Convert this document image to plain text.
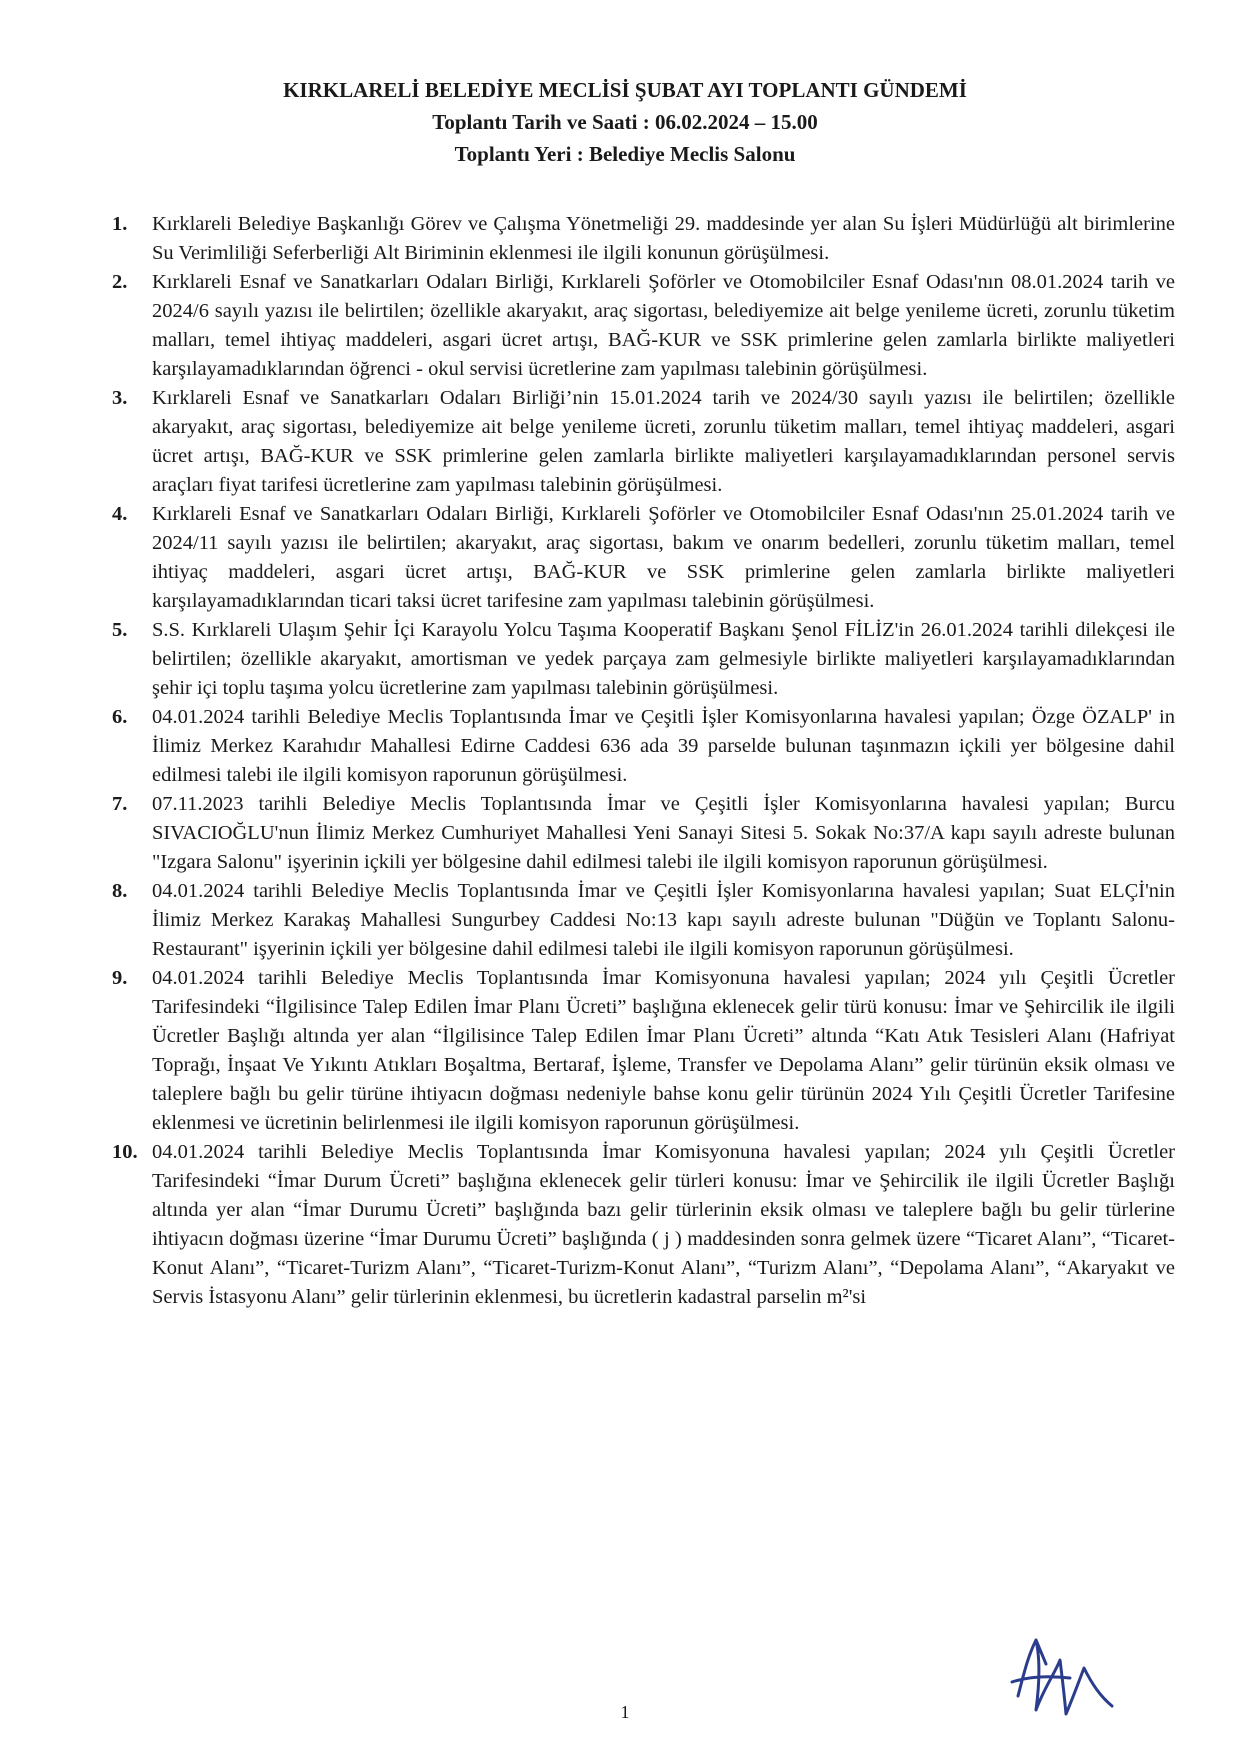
KIRKLARELİ BELEDİYE MECLİSİ ŞUBAT AYI TOPLANTI GÜNDEMİ
Toplantı Tarih ve Saati : 06.02.2024 – 15.00
Toplantı Yeri : Belediye Meclis Salonu
1. Kırklareli Belediye Başkanlığı Görev ve Çalışma Yönetmeliği 29. maddesinde yer alan Su İşleri Müdürlüğü alt birimlerine Su Verimliliği Seferberliği Alt Biriminin eklenmesi ile ilgili konunun görüşülmesi.
2. Kırklareli Esnaf ve Sanatkarları Odaları Birliği, Kırklareli Şoförler ve Otomobilciler Esnaf Odası'nın 08.01.2024 tarih ve 2024/6 sayılı yazısı ile belirtilen; özellikle akaryakıt, araç sigortası, belediyemize ait belge yenileme ücreti, zorunlu tüketim malları, temel ihtiyaç maddeleri, asgari ücret artışı, BAĞ-KUR ve SSK primlerine gelen zamlarla birlikte maliyetleri karşılayamadıklarından öğrenci - okul servisi ücretlerine zam yapılması talebinin görüşülmesi.
3. Kırklareli Esnaf ve Sanatkarları Odaları Birliği’nin 15.01.2024 tarih ve 2024/30 sayılı yazısı ile belirtilen; özellikle akaryakıt, araç sigortası, belediyemize ait belge yenileme ücreti, zorunlu tüketim malları, temel ihtiyaç maddeleri, asgari ücret artışı, BAĞ-KUR ve SSK primlerine gelen zamlarla birlikte maliyetleri karşılayamadıklarından personel servis araçları fiyat tarifesi ücretlerine zam yapılması talebinin görüşülmesi.
4. Kırklareli Esnaf ve Sanatkarları Odaları Birliği, Kırklareli Şoförler ve Otomobilciler Esnaf Odası'nın 25.01.2024 tarih ve 2024/11 sayılı yazısı ile belirtilen; akaryakıt, araç sigortası, bakım ve onarım bedelleri, zorunlu tüketim malları, temel ihtiyaç maddeleri, asgari ücret artışı, BAĞ-KUR ve SSK primlerine gelen zamlarla birlikte maliyetleri karşılayamadıklarından ticari taksi ücret tarifesine zam yapılması talebinin görüşülmesi.
5. S.S. Kırklareli Ulaşım Şehir İçi Karayolu Yolcu Taşıma Kooperatif Başkanı Şenol FİLİZ'in 26.01.2024 tarihli dilekçesi ile belirtilen; özellikle akaryakıt, amortisman ve yedek parçaya zam gelmesiyle birlikte maliyetleri karşılayamadıklarından şehir içi toplu taşıma yolcu ücretlerine zam yapılması talebinin görüşülmesi.
6. 04.01.2024 tarihli Belediye Meclis Toplantısında İmar ve Çeşitli İşler Komisyonlarına havalesi yapılan; Özge ÖZALP' in İlimiz Merkez Karahıdır Mahallesi Edirne Caddesi 636 ada 39 parselde bulunan taşınmazın içkili yer bölgesine dahil edilmesi talebi ile ilgili komisyon raporunun görüşülmesi.
7. 07.11.2023 tarihli Belediye Meclis Toplantısında İmar ve Çeşitli İşler Komisyonlarına havalesi yapılan; Burcu SIVACIOĞLU'nun İlimiz Merkez Cumhuriyet Mahallesi Yeni Sanayi Sitesi 5. Sokak No:37/A kapı sayılı adreste bulunan "Izgara Salonu" işyerinin içkili yer bölgesine dahil edilmesi talebi ile ilgili komisyon raporunun görüşülmesi.
8. 04.01.2024 tarihli Belediye Meclis Toplantısında İmar ve Çeşitli İşler Komisyonlarına havalesi yapılan; Suat ELÇİ'nin İlimiz Merkez Karakaş Mahallesi Sungurbey Caddesi No:13 kapı sayılı adreste bulunan "Düğün ve Toplantı Salonu-Restaurant" işyerinin içkili yer bölgesine dahil edilmesi talebi ile ilgili komisyon raporunun görüşülmesi.
9. 04.01.2024 tarihli Belediye Meclis Toplantısında İmar Komisyonuna havalesi yapılan; 2024 yılı Çeşitli Ücretler Tarifesindeki “İlgilisince Talep Edilen İmar Planı Ücreti” başlığına eklenecek gelir türü konusu: İmar ve Şehircilik ile ilgili Ücretler Başlığı altında yer alan “İlgilisince Talep Edilen İmar Planı Ücreti” altında “Katı Atık Tesisleri Alanı (Hafriyat Toprağı, İnşaat Ve Yıkıntı Atıkları Boşaltma, Bertaraf, İşleme, Transfer ve Depolama Alanı” gelir türünün eksik olması ve taleplere bağlı bu gelir türüne ihtiyacın doğması nedeniyle bahse konu gelir türünün 2024 Yılı Çeşitli Ücretler Tarifesine eklenmesi ve ücretinin belirlenmesi ile ilgili komisyon raporunun görüşülmesi.
10. 04.01.2024 tarihli Belediye Meclis Toplantısında İmar Komisyonuna havalesi yapılan; 2024 yılı Çeşitli Ücretler Tarifesindeki “İmar Durum Ücreti” başlığına eklenecek gelir türleri konusu: İmar ve Şehircilik ile ilgili Ücretler Başlığı altında yer alan “İmar Durumu Ücreti” başlığında bazı gelir türlerinin eksik olması ve taleplere bağlı bu gelir türlerine ihtiyacın doğması üzerine “İmar Durumu Ücreti” başlığında ( j ) maddesinden sonra gelmek üzere “Ticaret Alanı”, “Ticaret-Konut Alanı”, “Ticaret-Turizm Alanı”, “Ticaret-Turizm-Konut Alanı”, “Turizm Alanı”, “Depolama Alanı”, “Akaryakıt ve Servis İstasyonu Alanı” gelir türlerinin eklenmesi, bu ücretlerin kadastral parselin m²'si
1
